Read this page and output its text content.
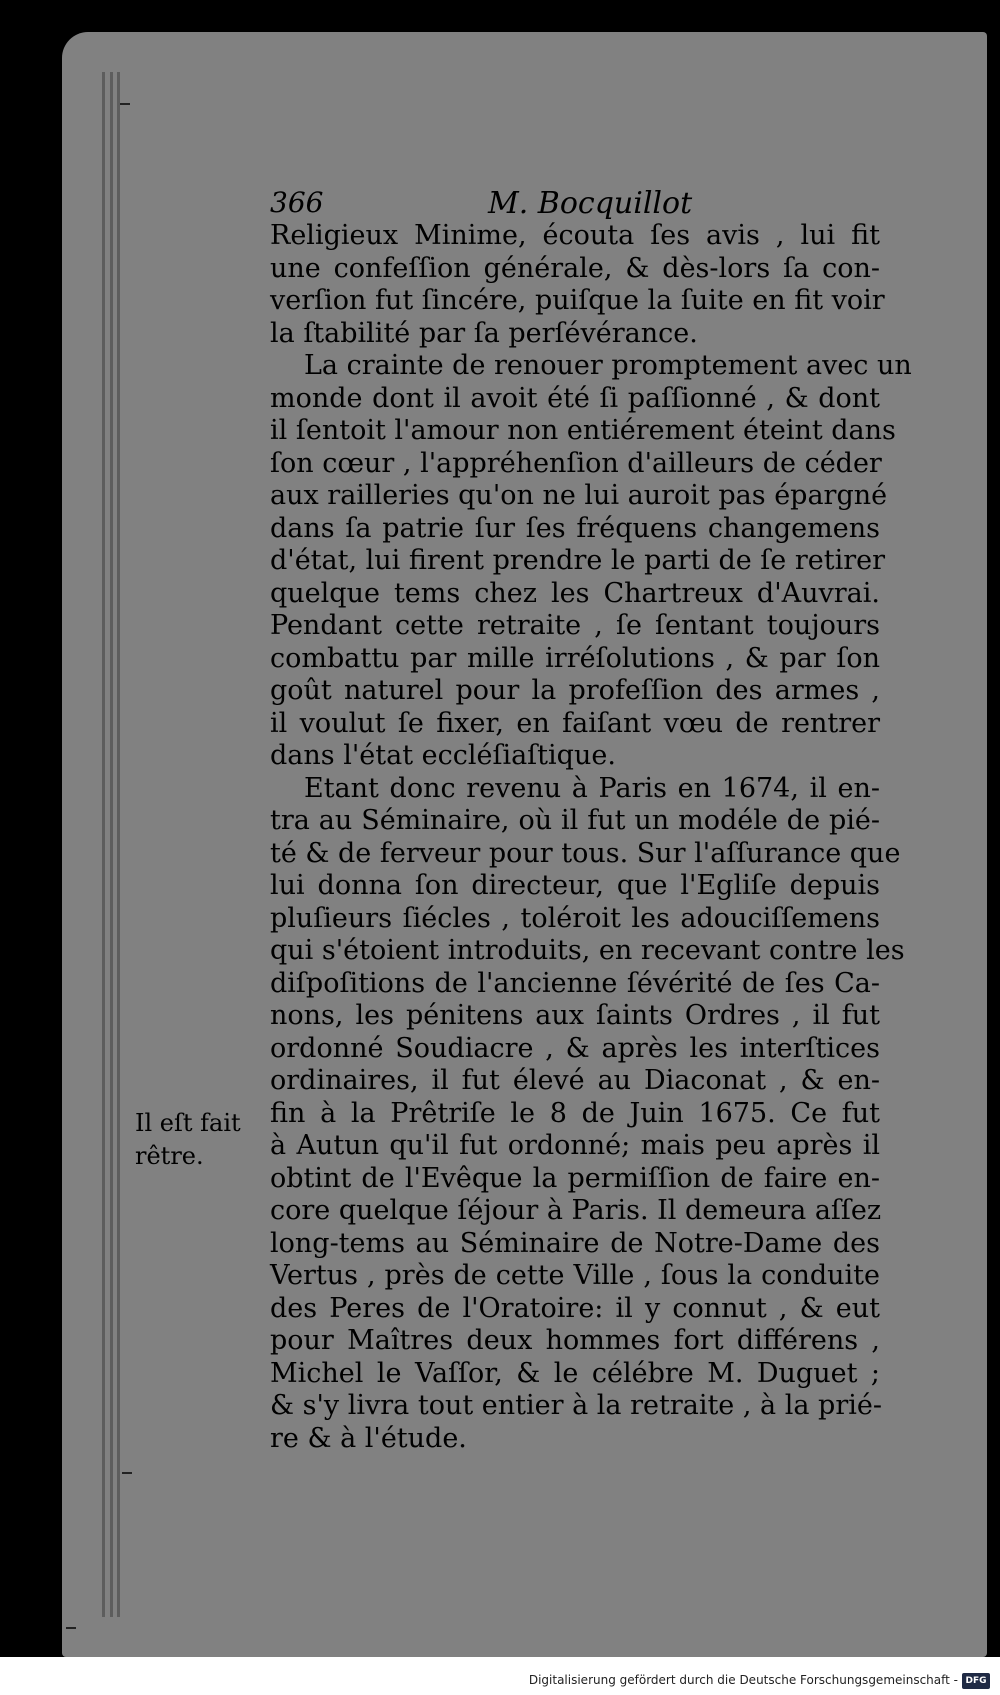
366	M. Bocquillot
Religieux Minime, écouta ſes avis , lui fit
une confeſſion générale, & dès-lors ſa con-
verſion fut ſincére, puiſque la ſuite en fit voir
la ſtabilité par ſa perſévérance.
La crainte de renouer promptement avec un
monde dont il avoit été ſi paſſionné , & dont
il ſentoit l'amour non entiérement éteint dans
ſon cœur , l'appréhenſion d'ailleurs de céder
aux railleries qu'on ne lui auroit pas épargné
dans ſa patrie ſur ſes fréquens changemens
d'état, lui firent prendre le parti de ſe retirer
quelque tems chez les Chartreux d'Auvrai.
Pendant cette retraite , ſe ſentant toujours
combattu par mille irréſolutions , & par ſon
goût naturel pour la profeſſion des armes ,
il voulut ſe fixer, en faiſant vœu de rentrer
dans l'état eccléſiaſtique.
Etant donc revenu à Paris en 1674, il en-
tra au Séminaire, où il fut un modéle de pié-
té & de ferveur pour tous. Sur l'aſſurance que
lui donna ſon directeur, que l'Egliſe depuis
pluſieurs ſiécles , toléroit les adouciſſemens
qui s'étoient introduits, en recevant contre les
diſpoſitions de l'ancienne ſévérité de ſes Ca-
nons, les pénitens aux ſaints Ordres , il fut
ordonné Soudiacre , & après les interſtices
ordinaires, il fut élevé au Diaconat , & en-
fin à la Prêtriſe le 8 de Juin 1675. Ce fut
à Autun qu'il fut ordonné; mais peu après il
obtint de l'Evêque la permiſſion de faire en-
core quelque ſéjour à Paris. Il demeura aſſez
long-tems au Séminaire de Notre-Dame des
Vertus , près de cette Ville , ſous la conduite
des Peres de l'Oratoire: il y connut , & eut
pour Maîtres deux hommes fort différens ,
Michel le Vaſſor, & le célébre M. Duguet ;
& s'y livra tout entier à la retraite , à la prié-
re & à l'étude.
Il eſt fait
rêtre.
Digitalisierung gefördert durch die Deutsche Forschungsgemeinschaft - DFG
